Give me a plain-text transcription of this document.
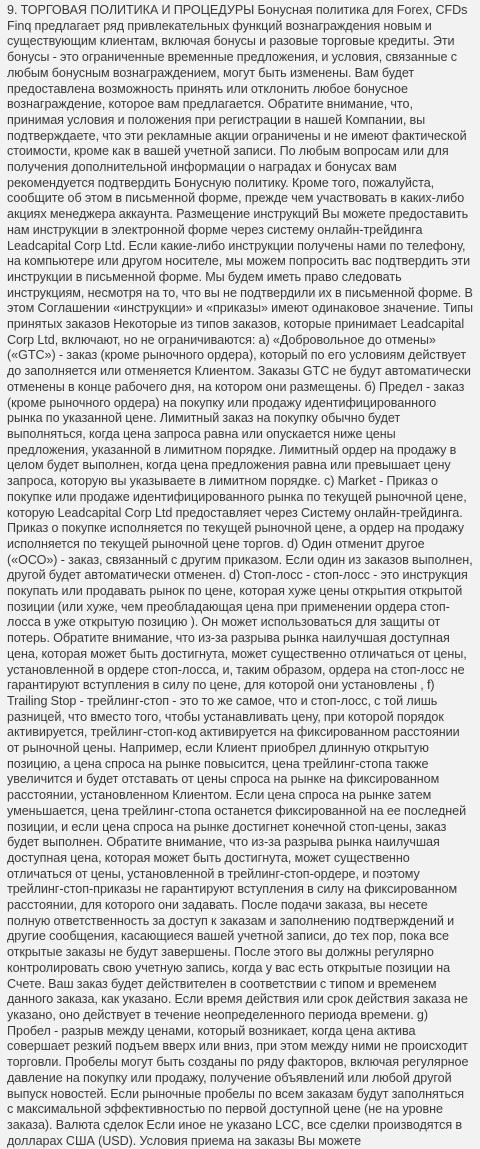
9. ТОРГОВАЯ ПОЛИТИКА И ПРОЦЕДУРЫ Бонусная политика для Forex, CFDs Finq предлагает ряд привлекательных функций вознаграждения новым и существующим клиентам, включая бонусы и разовые торговые кредиты. Эти бонусы - это ограниченные временные предложения, и условия, связанные с любым бонусным вознаграждением, могут быть изменены. Вам будет предоставлена возможность принять или отклонить любое бонусное вознаграждение, которое вам предлагается. Обратите внимание, что, принимая условия и положения при регистрации в нашей Компании, вы подтверждаете, что эти рекламные акции ограничены и не имеют фактической стоимости, кроме как в вашей учетной записи. По любым вопросам или для получения дополнительной информации о наградах и бонусах вам рекомендуется подтвердить Бонусную политику. Кроме того, пожалуйста, сообщите об этом в письменной форме, прежде чем участвовать в каких-либо акциях менеджера аккаунта. Размещение инструкций Вы можете предоставить нам инструкции в электронной форме через систему онлайн-трейдинга Leadcapital Corp Ltd. Если какие-либо инструкции получены нами по телефону, на компьютере или другом носителе, мы можем попросить вас подтвердить эти инструкции в письменной форме. Мы будем иметь право следовать инструкциям, несмотря на то, что вы не подтвердили их в письменной форме. В этом Соглашении «инструкции» и «приказы» имеют одинаковое значение. Типы принятых заказов Некоторые из типов заказов, которые принимает Leadcapital Corp Ltd, включают, но не ограничиваются: а) «Добровольное до отмены» («GTC») - заказ (кроме рыночного ордера), который по его условиям действует до заполняется или отменяется Клиентом. Заказы GTC не будут автоматически отменены в конце рабочего дня, на котором они размещены. б) Предел - заказ (кроме рыночного ордера) на покупку или продажу идентифицированного рынка по указанной цене. Лимитный заказ на покупку обычно будет выполняться, когда цена запроса равна или опускается ниже цены предложения, указанной в лимитном порядке. Лимитный ордер на продажу в целом будет выполнен, когда цена предложения равна или превышает цену запроса, которую вы указываете в лимитном порядке. с) Market - Приказ о покупке или продаже идентифицированного рынка по текущей рыночной цене, которую Leadcapital Corp Ltd предоставляет через Систему онлайн-трейдинга. Приказ о покупке исполняется по текущей рыночной цене, а ордер на продажу исполняется по текущей рыночной цене торгов. d) Один отменит другое («ОСО») - заказ, связанный с другим приказом. Если один из заказов выполнен, другой будет автоматически отменен. d) Стоп-лосс - стоп-лосс - это инструкция покупать или продавать рынок по цене, которая хуже цены открытия открытой позиции (или хуже, чем преобладающая цена при применении ордера стоп-лосса в уже открытую позицию ). Он может использоваться для защиты от потерь. Обратите внимание, что из-за разрыва рынка наилучшая доступная цена, которая может быть достигнута, может существенно отличаться от цены, установленной в ордере стоп-лосса, и, таким образом, ордера на стоп-лосс не гарантируют вступления в силу по цене, для которой они установлены , f) Trailing Stop - трейлинг-стоп - это то же самое, что и стоп-лосс, с той лишь разницей, что вместо того, чтобы устанавливать цену, при которой порядок активируется, трейлинг-стоп-код активируется на фиксированном расстоянии от рыночной цены. Например, если Клиент приобрел длинную открытую позицию, а цена спроса на рынке повысится, цена трейлинг-стопа также увеличится и будет отставать от цены спроса на рынке на фиксированном расстоянии, установленном Клиентом. Если цена спроса на рынке затем уменьшается, цена трейлинг-стопа останется фиксированной на ее последней позиции, и если цена спроса на рынке достигнет конечной стоп-цены, заказ будет выполнен. Обратите внимание, что из-за разрыва рынка наилучшая доступная цена, которая может быть достигнута, может существенно отличаться от цены, установленной в трейлинг-стоп-ордере, и поэтому трейлинг-стоп-приказы не гарантируют вступления в силу на фиксированном расстоянии, для которого они задавать. После подачи заказа, вы несете полную ответственность за доступ к заказам и заполнению подтверждений и другие сообщения, касающиеся вашей учетной записи, до тех пор, пока все открытые заказы не будут завершены. После этого вы должны регулярно контролировать свою учетную запись, когда у вас есть открытые позиции на Счете. Ваш заказ будет действителен в соответствии с типом и временем данного заказа, как указано. Если время действия или срок действия заказа не указано, оно действует в течение неопределенного периода времени. g) Пробел - разрыв между ценами, который возникает, когда цена актива совершает резкий подъем вверх или вниз, при этом между ними не происходит торговли. Пробелы могут быть созданы по ряду факторов, включая регулярное давление на покупку или продажу, получение объявлений или любой другой выпуск новостей. Если рыночные пробелы по всем заказам будут заполняться с максимальной эффективностью по первой доступной цене (не на уровне заказа). Валюта сделок Если иное не указано LCC, все сделки производятся в долларах США (USD). Условия приема на заказы Вы можете
